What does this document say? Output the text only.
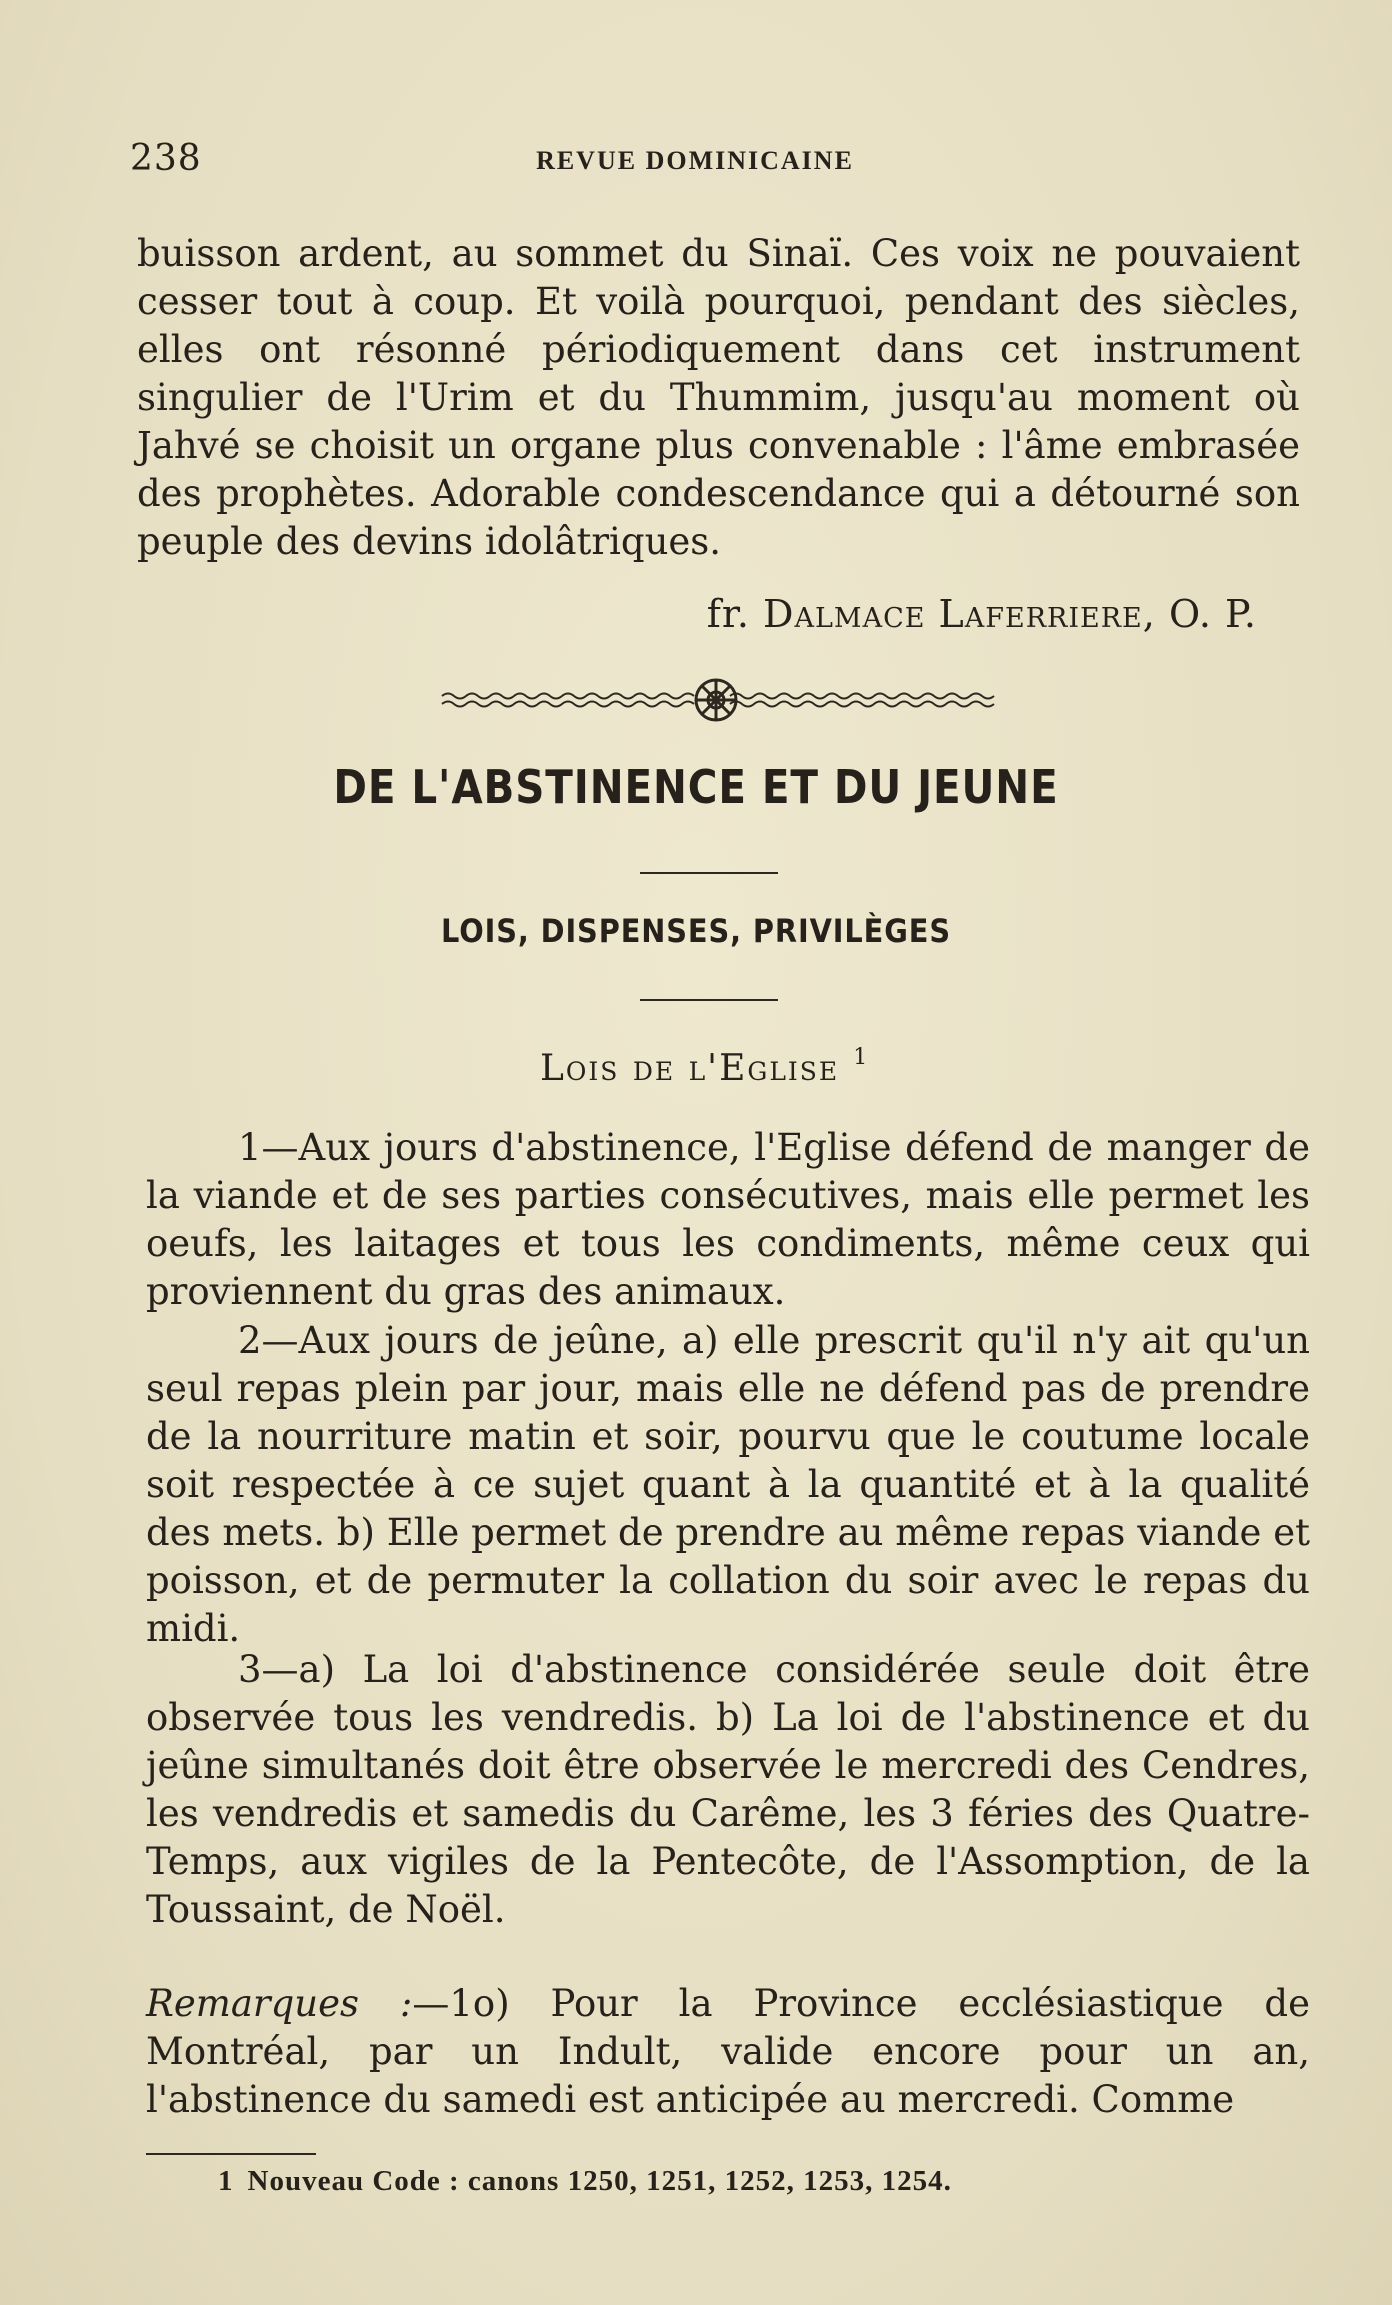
238	REVUE DOMINICAINE

buisson ardent, au sommet du Sinaï. Ces voix ne pouvaient cesser tout à coup. Et voilà pourquoi, pendant des siècles, elles ont résonné périodiquement dans cet instrument singulier de l'Urim et du Thummim, jusqu'au moment où Jahvé se choisit un organe plus convenable : l'âme embrasée des prophètes. Adorable condescendance qui a détourné son peuple des devins idolâtriques.

fr. Dalmace Laferriere, O. P.
DE L'ABSTINENCE ET DU JEUNE
LOIS, DISPENSES, PRIVILÈGES
Lois de l'Eglise $^1$

1—Aux jours d'abstinence, l'Eglise défend de manger de la viande et de ses parties consécutives, mais elle permet les oeufs, les laitages et tous les condiments, même ceux qui proviennent du gras des animaux.

2—Aux jours de jeûne, a) elle prescrit qu'il n'y ait qu'un seul repas plein par jour, mais elle ne défend pas de prendre de la nourriture matin et soir, pourvu que le coutume locale soit respectée à ce sujet quant à la quantité et à la qualité des mets. b) Elle permet de prendre au même repas viande et poisson, et de permuter la collation du soir avec le repas du midi.

3—a) La loi d'abstinence considérée seule doit être observée tous les vendredis. b) La loi de l'abstinence et du jeûne simultanés doit être observée le mercredi des Cendres, les vendredis et samedis du Carême, les 3 féries des Quatre-Temps, aux vigiles de la Pentecôte, de l'Assomption, de la Toussaint, de Noël.

Remarques :—1o) Pour la Province ecclésiastique de Montréal, par un Indult, valide encore pour un an, l'abstinence du samedi est anticipée au mercredi. Comme

1 Nouveau Code : canons 1250, 1251, 1252, 1253, 1254.
